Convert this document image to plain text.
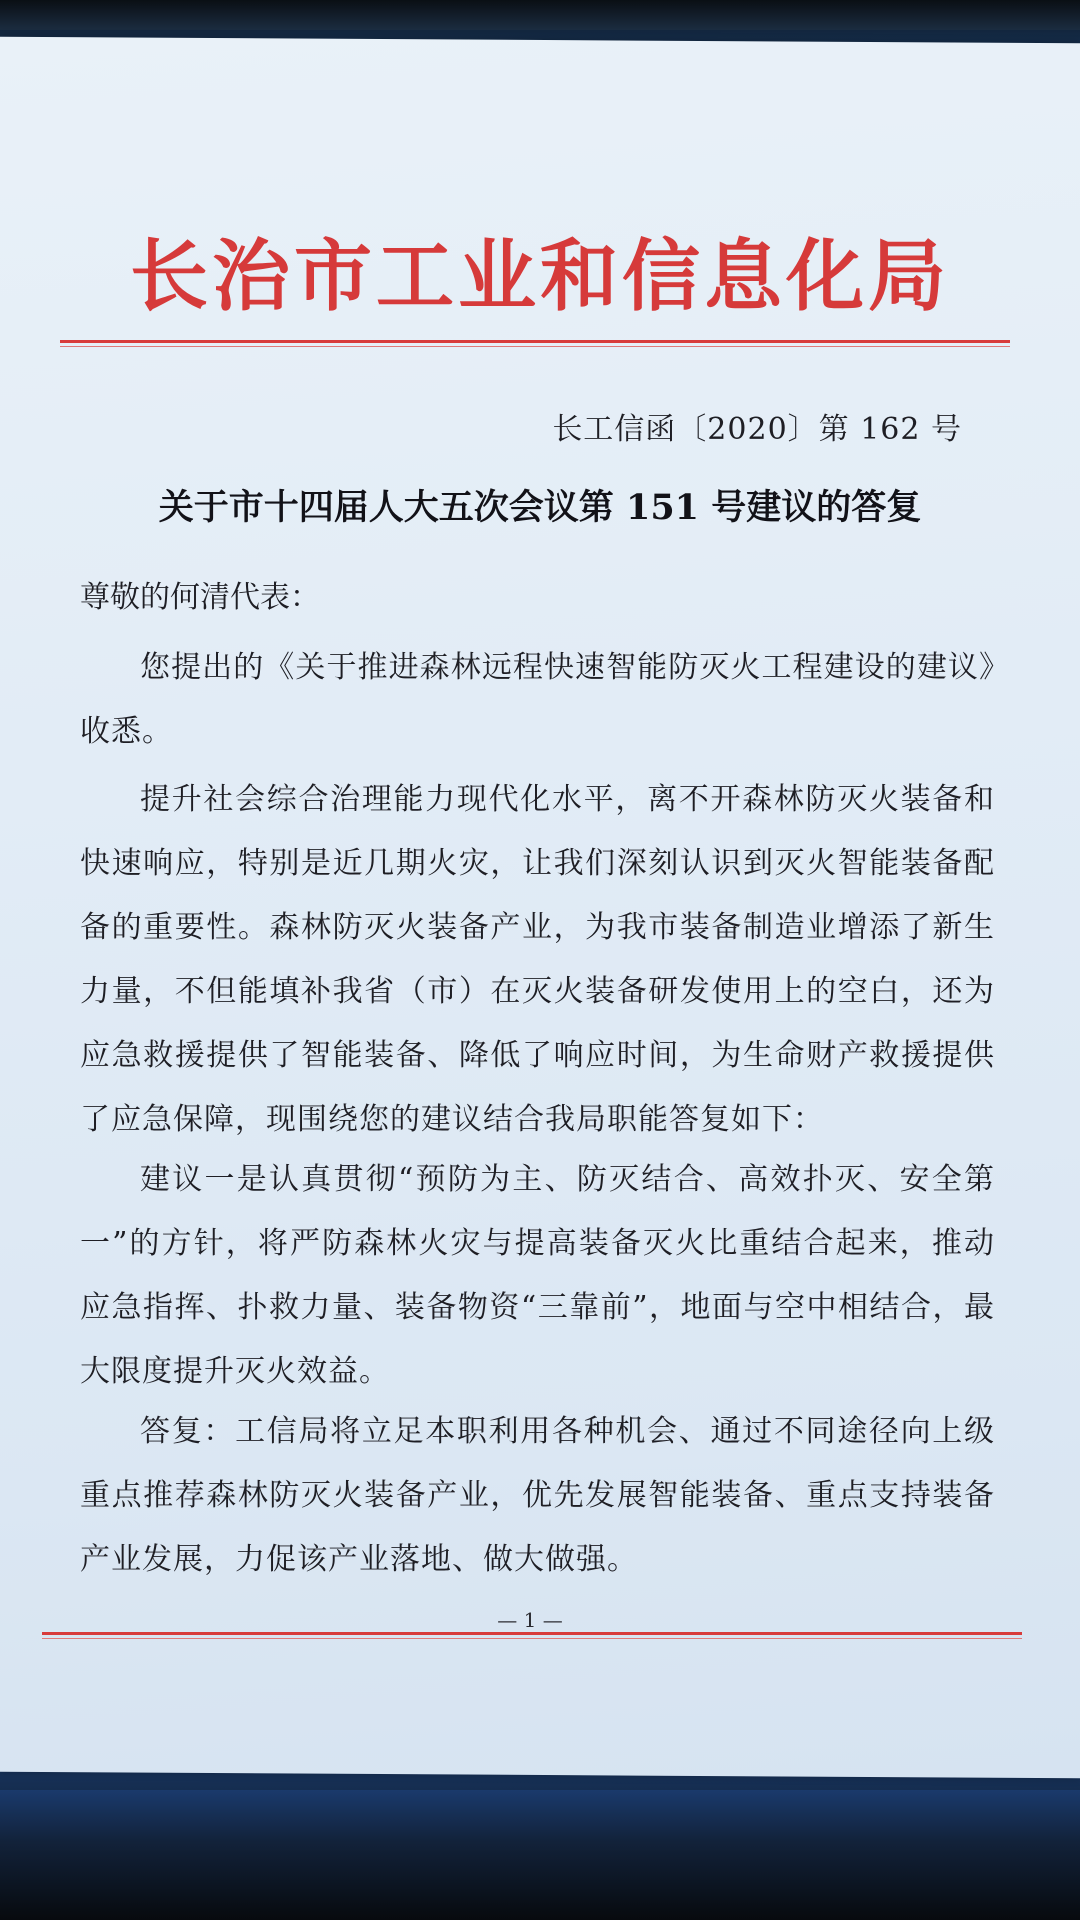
长治市工业和信息化局
长工信函〔2020〕第 162 号
关于市十四届人大五次会议第 151 号建议的答复
尊敬的何清代表：
您提出的《关于推进森林远程快速智能防灭火工程建设的建议》收悉。
提升社会综合治理能力现代化水平，离不开森林防灭火装备和快速响应，特别是近几期火灾，让我们深刻认识到灭火智能装备配备的重要性。森林防灭火装备产业，为我市装备制造业增添了新生力量，不但能填补我省（市）在灭火装备研发使用上的空白，还为应急救援提供了智能装备、降低了响应时间，为生命财产救援提供了应急保障，现围绕您的建议结合我局职能答复如下：
建议一是认真贯彻“预防为主、防灭结合、高效扑灭、安全第一”的方针，将严防森林火灾与提高装备灭火比重结合起来，推动应急指挥、扑救力量、装备物资“三靠前”，地面与空中相结合，最大限度提升灭火效益。
答复：工信局将立足本职利用各种机会、通过不同途径向上级重点推荐森林防灭火装备产业，优先发展智能装备、重点支持装备产业发展，力促该产业落地、做大做强。
— 1 —
